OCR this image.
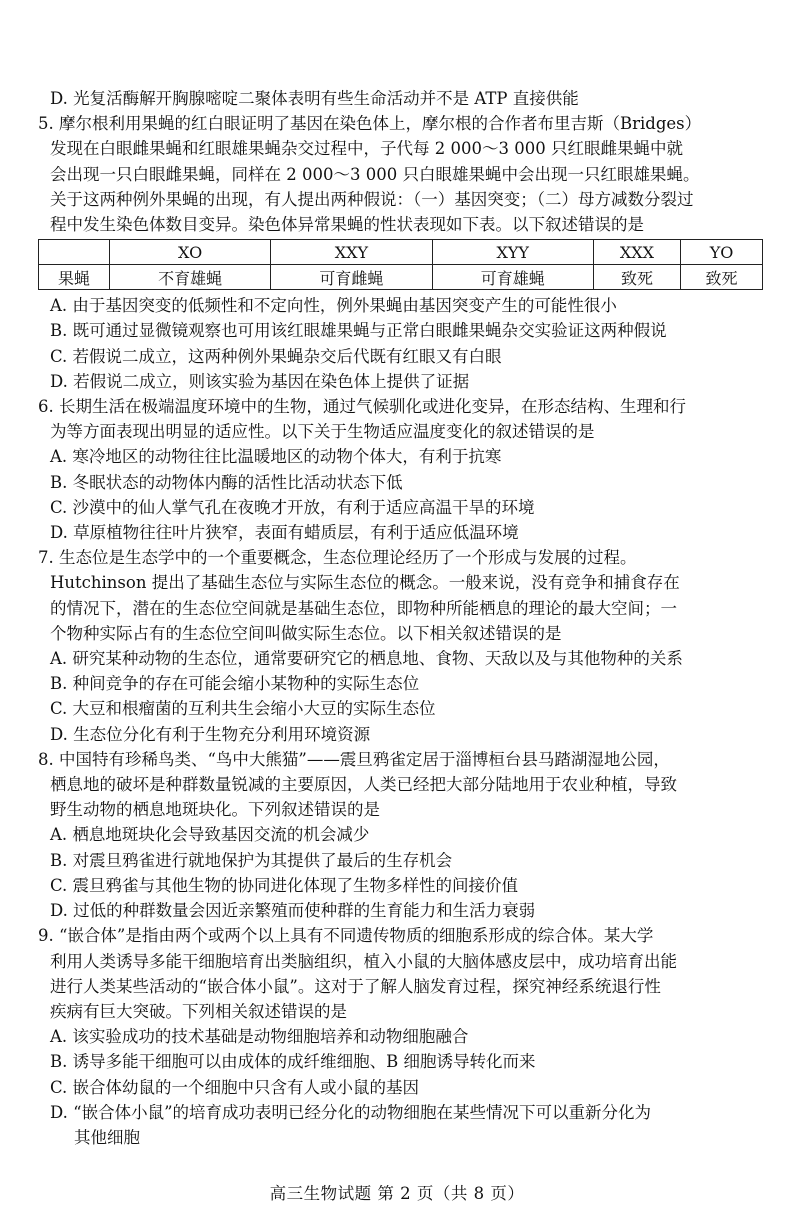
D. 光复活酶解开胸腺嘧啶二聚体表明有些生命活动并不是 ATP 直接供能
5. 摩尔根利用果蝇的红白眼证明了基因在染色体上，摩尔根的合作者布里吉斯（Bridges）
发现在白眼雌果蝇和红眼雄果蝇杂交过程中，子代每 2 000～3 000 只红眼雌果蝇中就
会出现一只白眼雌果蝇，同样在 2 000～3 000 只白眼雄果蝇中会出现一只红眼雄果蝇。
关于这两种例外果蝇的出现，有人提出两种假说：（一）基因突变；（二）母方减数分裂过
程中发生染色体数目变异。染色体异常果蝇的性状表现如下表。以下叙述错误的是
	XO	XXY	XYY	XXX	YO
果蝇	不育雄蝇	可育雌蝇	可育雄蝇	致死	致死
A. 由于基因突变的低频性和不定向性，例外果蝇由基因突变产生的可能性很小
B. 既可通过显微镜观察也可用该红眼雄果蝇与正常白眼雌果蝇杂交实验证这两种假说
C. 若假说二成立，这两种例外果蝇杂交后代既有红眼又有白眼
D. 若假说二成立，则该实验为基因在染色体上提供了证据
6. 长期生活在极端温度环境中的生物，通过气候驯化或进化变异，在形态结构、生理和行
为等方面表现出明显的适应性。以下关于生物适应温度变化的叙述错误的是
A. 寒冷地区的动物往往比温暖地区的动物个体大，有利于抗寒
B. 冬眠状态的动物体内酶的活性比活动状态下低
C. 沙漠中的仙人掌气孔在夜晚才开放，有利于适应高温干旱的环境
D. 草原植物往往叶片狭窄，表面有蜡质层，有利于适应低温环境
7. 生态位是生态学中的一个重要概念，生态位理论经历了一个形成与发展的过程。
Hutchinson 提出了基础生态位与实际生态位的概念。一般来说，没有竞争和捕食存在
的情况下，潜在的生态位空间就是基础生态位，即物种所能栖息的理论的最大空间；一
个物种实际占有的生态位空间叫做实际生态位。以下相关叙述错误的是
A. 研究某种动物的生态位，通常要研究它的栖息地、食物、天敌以及与其他物种的关系
B. 种间竞争的存在可能会缩小某物种的实际生态位
C. 大豆和根瘤菌的互利共生会缩小大豆的实际生态位
D. 生态位分化有利于生物充分利用环境资源
8. 中国特有珍稀鸟类、“鸟中大熊猫”——震旦鸦雀定居于淄博桓台县马踏湖湿地公园，
栖息地的破坏是种群数量锐减的主要原因，人类已经把大部分陆地用于农业种植，导致
野生动物的栖息地斑块化。下列叙述错误的是
A. 栖息地斑块化会导致基因交流的机会减少
B. 对震旦鸦雀进行就地保护为其提供了最后的生存机会
C. 震旦鸦雀与其他生物的协同进化体现了生物多样性的间接价值
D. 过低的种群数量会因近亲繁殖而使种群的生育能力和生活力衰弱
9. “嵌合体”是指由两个或两个以上具有不同遗传物质的细胞系形成的综合体。某大学
利用人类诱导多能干细胞培育出类脑组织，植入小鼠的大脑体感皮层中，成功培育出能
进行人类某些活动的“嵌合体小鼠”。这对于了解人脑发育过程，探究神经系统退行性
疾病有巨大突破。下列相关叙述错误的是
A. 该实验成功的技术基础是动物细胞培养和动物细胞融合
B. 诱导多能干细胞可以由成体的成纤维细胞、B 细胞诱导转化而来
C. 嵌合体幼鼠的一个细胞中只含有人或小鼠的基因
D. “嵌合体小鼠”的培育成功表明已经分化的动物细胞在某些情况下可以重新分化为
其他细胞
高三生物试题 第 2 页（共 8 页）
